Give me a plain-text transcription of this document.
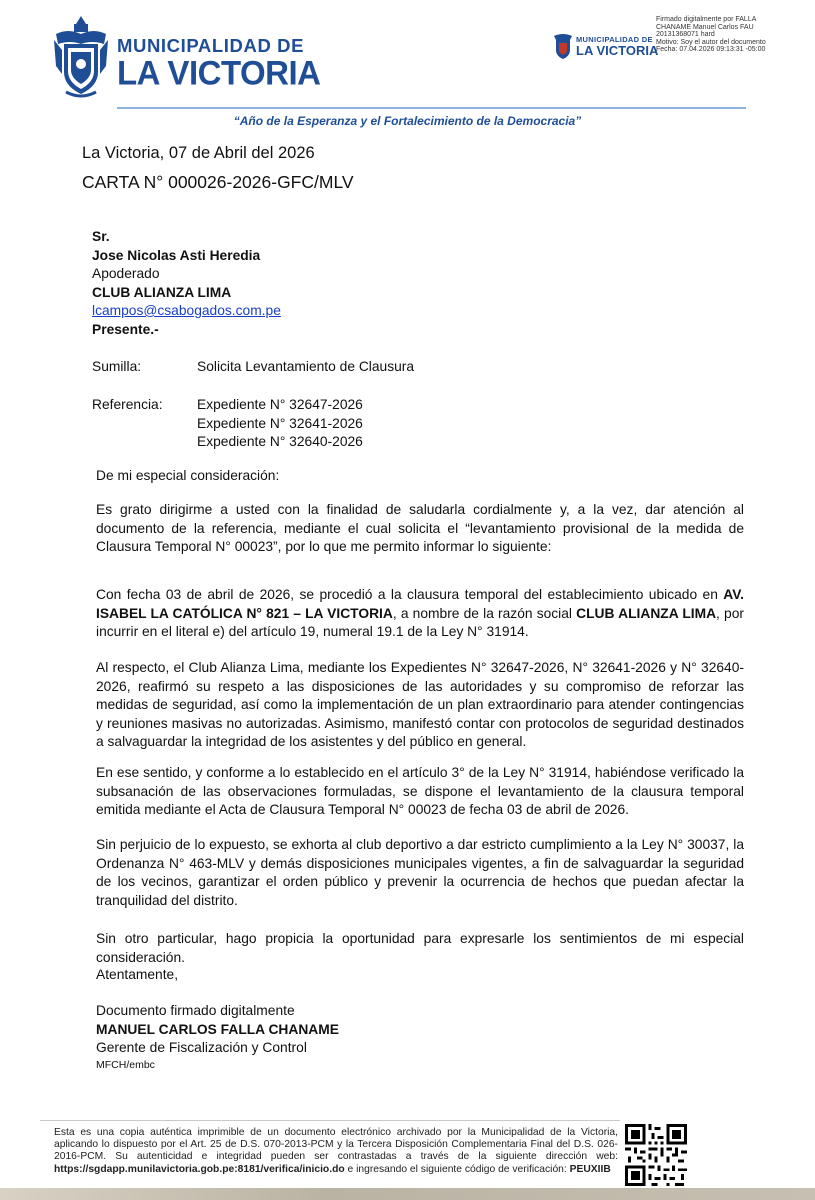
MUNICIPALIDAD DE
LA VICTORIA
MUNICIPALIDAD DE
LA VICTORIA
Firmado digitalmente por FALLA
CHANAME Manuel Carlos FAU
20131368071 hard
Motivo: Soy el autor del documento
Fecha: 07.04.2026 09:13:31 -05:00
“Año de la Esperanza y el Fortalecimiento de la Democracia”
La Victoria, 07 de Abril del 2026
CARTA N° 000026-2026-GFC/MLV
Sr.
Jose Nicolas Asti Heredia
Apoderado
CLUB ALIANZA LIMA
lcampos@csabogados.com.pe
Presente.-
Sumilla:	Solicita Levantamiento de Clausura
Referencia: Expediente N° 32647-2026
Expediente N° 32641-2026
Expediente N° 32640-2026
De mi especial consideración:
Es grato dirigirme a usted con la finalidad de saludarla cordialmente y, a la vez, dar atención al documento de la referencia, mediante el cual solicita el “levantamiento provisional de la medida de Clausura Temporal N° 00023”, por lo que me permito informar lo siguiente:
Con fecha 03 de abril de 2026, se procedió a la clausura temporal del establecimiento ubicado en AV. ISABEL LA CATÓLICA N° 821 – LA VICTORIA, a nombre de la razón social CLUB ALIANZA LIMA, por incurrir en el literal e) del artículo 19, numeral 19.1 de la Ley N° 31914.
Al respecto, el Club Alianza Lima, mediante los Expedientes N° 32647-2026, N° 32641-2026 y N° 32640-2026, reafirmó su respeto a las disposiciones de las autoridades y su compromiso de reforzar las medidas de seguridad, así como la implementación de un plan extraordinario para atender contingencias y reuniones masivas no autorizadas. Asimismo, manifestó contar con protocolos de seguridad destinados a salvaguardar la integridad de los asistentes y del público en general.
En ese sentido, y conforme a lo establecido en el artículo 3° de la Ley N° 31914, habiéndose verificado la subsanación de las observaciones formuladas, se dispone el levantamiento de la clausura temporal emitida mediante el Acta de Clausura Temporal N° 00023 de fecha 03 de abril de 2026.
Sin perjuicio de lo expuesto, se exhorta al club deportivo a dar estricto cumplimiento a la Ley N° 30037, la Ordenanza N° 463-MLV y demás disposiciones municipales vigentes, a fin de salvaguardar la seguridad de los vecinos, garantizar el orden público y prevenir la ocurrencia de hechos que puedan afectar la tranquilidad del distrito.
Sin otro particular, hago propicia la oportunidad para expresarle los sentimientos de mi especial consideración.
Atentamente,
Documento firmado digitalmente
MANUEL CARLOS FALLA CHANAME
Gerente de Fiscalización y Control
MFCH/embc
Esta es una copia auténtica imprimible de un documento electrónico archivado por la Municipalidad de la Victoria, aplicando lo dispuesto por el Art. 25 de D.S. 070-2013-PCM y la Tercera Disposición Complementaria Final del D.S. 026- 2016-PCM. Su autenticidad e integridad pueden ser contrastadas a través de la siguiente dirección web: https://sgdapp.munilavictoria.gob.pe:8181/verifica/inicio.do e ingresando el siguiente código de verificación: PEUXIIB
